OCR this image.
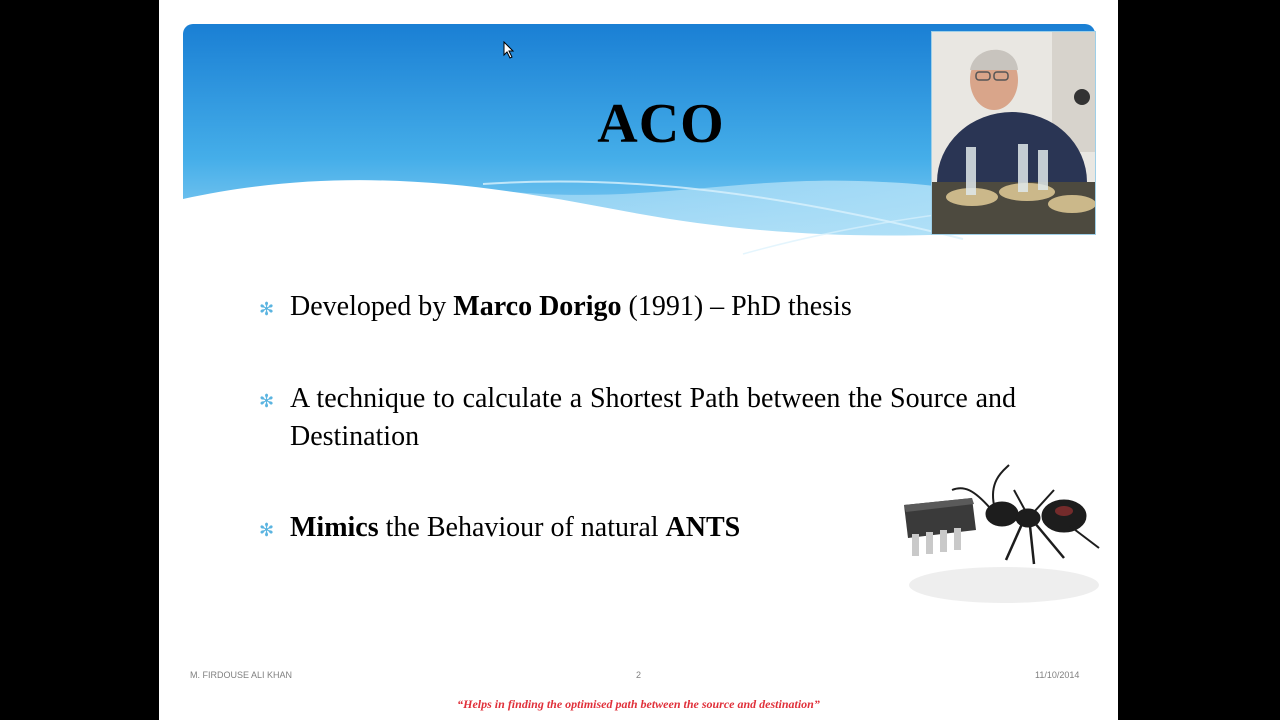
ACO
✻ Developed by Marco Dorigo (1991) – PhD thesis
✻ A technique to calculate a Shortest Path between the Source and Destination
✻ Mimics the Behaviour of natural ANTS
M. FIRDOUSE ALI KHAN	2	11/10/2014
“Helps in finding the optimised path between the source and destination”
